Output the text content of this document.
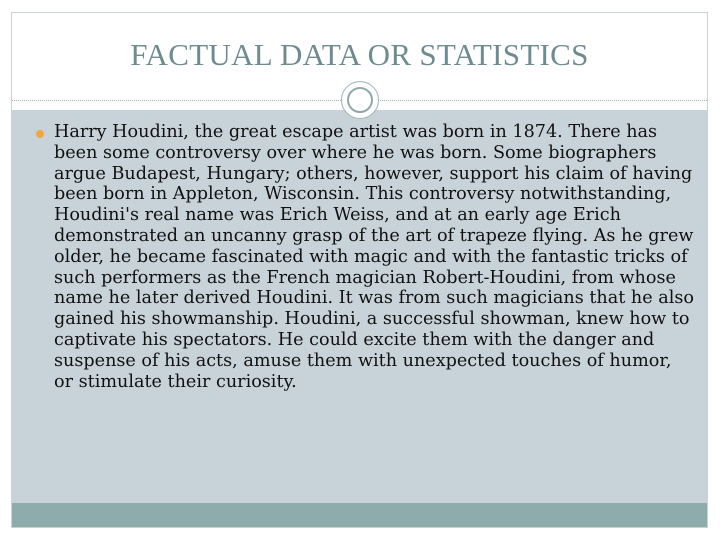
FACTUAL DATA OR STATISTICS
Harry Houdini, the great escape artist was born in 1874. There has been some controversy over where he was born. Some biographers argue Budapest, Hungary; others, however, support his claim of having been born in Appleton, Wisconsin. This controversy notwithstanding, Houdini's real name was Erich Weiss, and at an early age Erich demonstrated an uncanny grasp of the art of trapeze flying. As he grew older, he became fascinated with magic and with the fantastic tricks of such performers as the French magician Robert-Houdini, from whose name he later derived Houdini. It was from such magicians that he also gained his showmanship. Houdini, a successful showman, knew how to captivate his spectators. He could excite them with the danger and suspense of his acts, amuse them with unexpected touches of humor, or stimulate their curiosity.
